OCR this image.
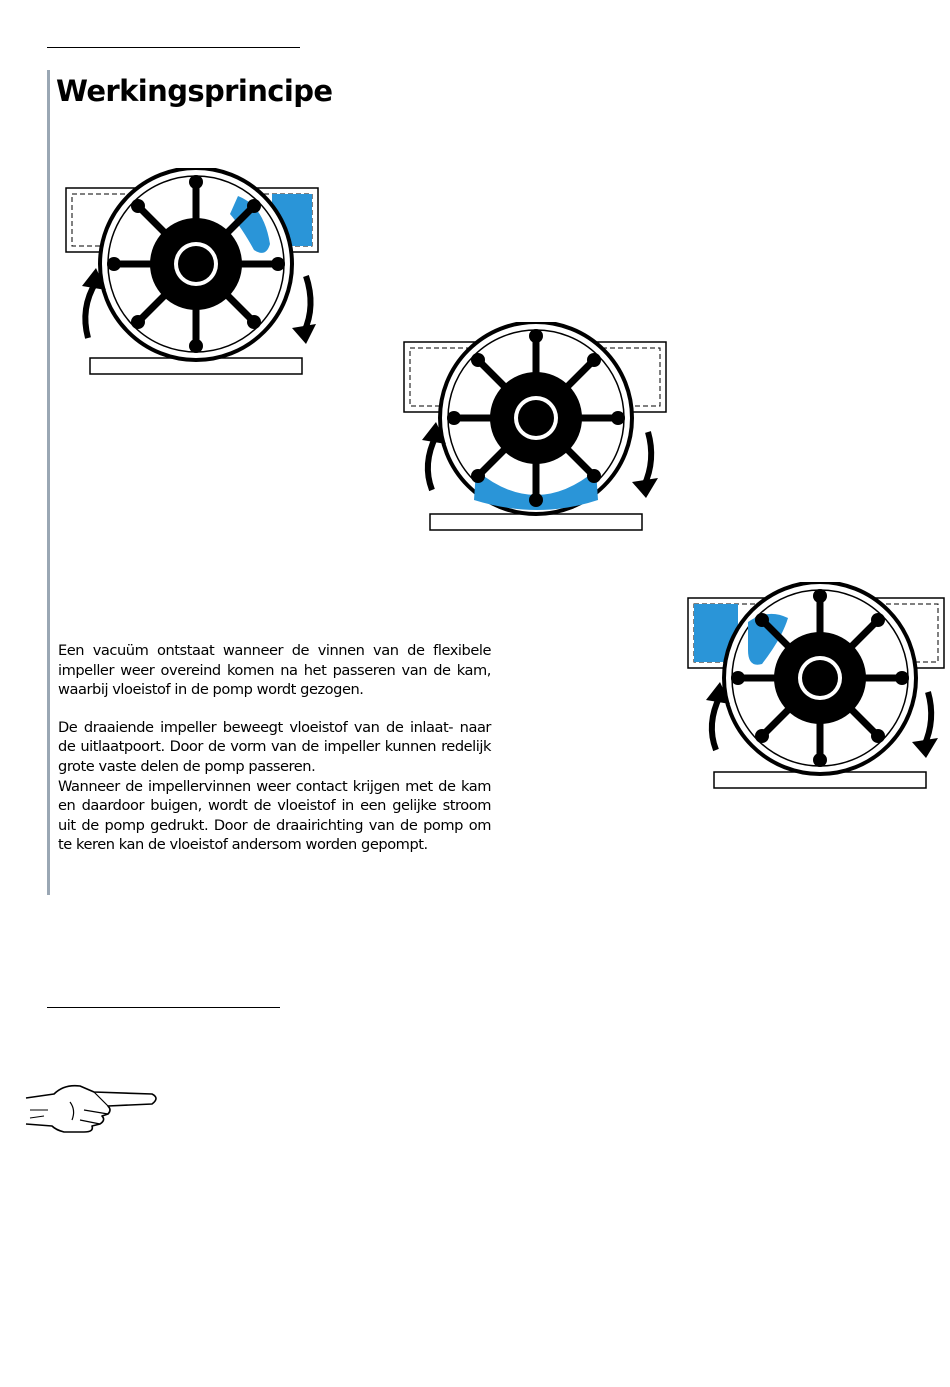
Werkingsprincipe

Een vacuüm ontstaat wanneer de vinnen van de flexibele impeller weer overeind komen na het passeren van de kam, waarbij vloeistof in de pomp wordt gezogen.

De draaiende impeller beweegt vloeistof van de inlaat- naar de uitlaatpoort. Door de vorm van de impeller kunnen redelijk grote vaste delen de pomp passeren.

Wanneer de impellervinnen weer contact krijgen met de kam en daardoor buigen, wordt de vloeistof in een gelijke stroom uit de pomp gedrukt. Door de draairichting van de pomp om te keren kan de vloeistof andersom worden gepompt.
